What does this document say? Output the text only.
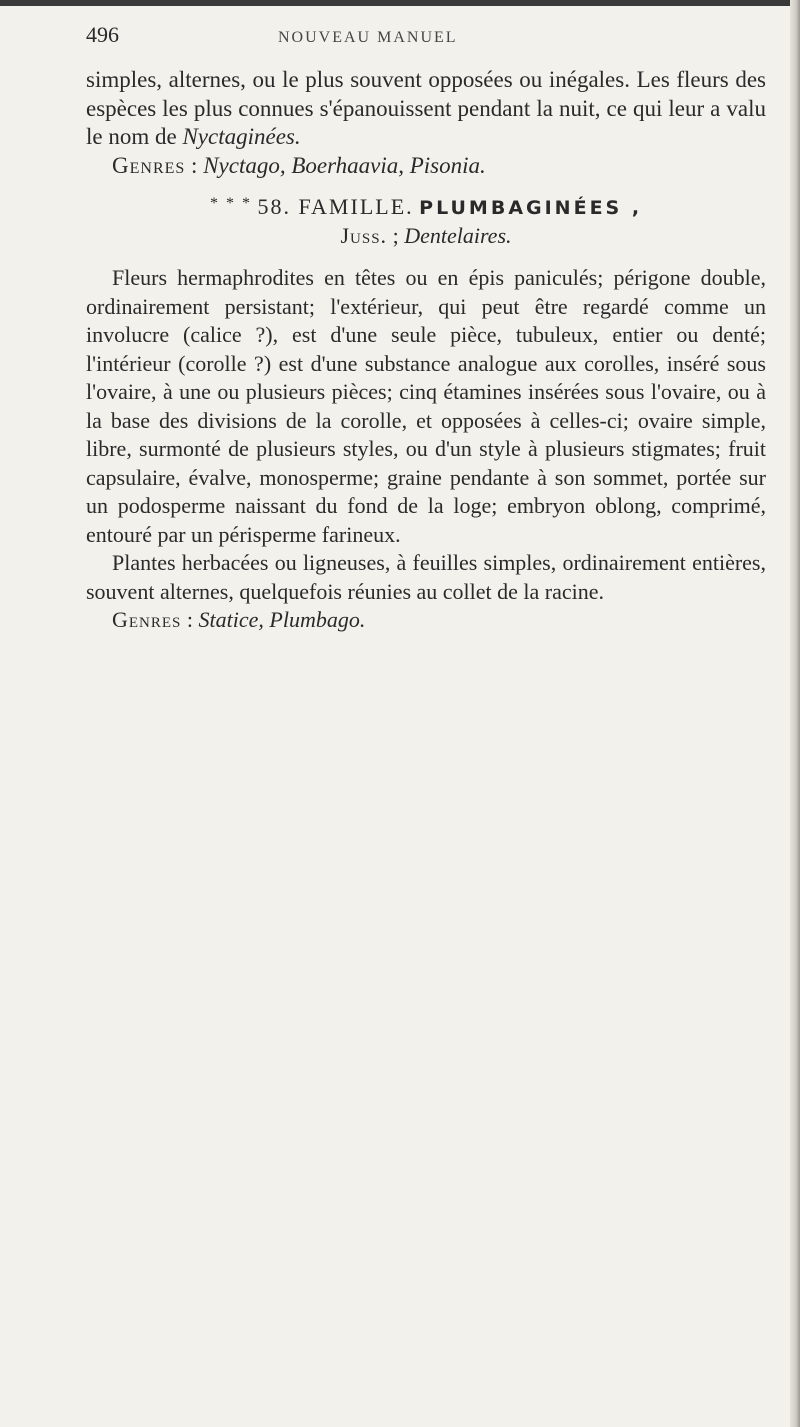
496	NOUVEAU MANUEL

simples, alternes, ou le plus souvent opposées ou inégales. Les fleurs des espèces les plus connues s'épanouissent pendant la nuit, ce qui leur a valu le nom de Nyctaginées.

Genres : Nyctago, Boerhaavia, Pisonia.

* * * 58. FAMILLE. PLUMBAGINÉES ,
Juss. ; Dentelaires.

Fleurs hermaphrodites en têtes ou en épis paniculés; périgone double, ordinairement persistant; l'extérieur, qui peut être regardé comme un involucre (calice ?), est d'une seule pièce, tubuleux, entier ou denté; l'intérieur (corolle ?) est d'une substance analogue aux corolles, inséré sous l'ovaire, à une ou plusieurs pièces; cinq étamines insérées sous l'ovaire, ou à la base des divisions de la corolle, et opposées à celles-ci; ovaire simple, libre, surmonté de plusieurs styles, ou d'un style à plusieurs stigmates; fruit capsulaire, évalve, monosperme; graine pendante à son sommet, portée sur un podosperme naissant du fond de la loge; embryon oblong, comprimé, entouré par un périsperme farineux.

Plantes herbacées ou ligneuses, à feuilles simples, ordinairement entières, souvent alternes, quelquefois réunies au collet de la racine.

Genres : Statice, Plumbago.
